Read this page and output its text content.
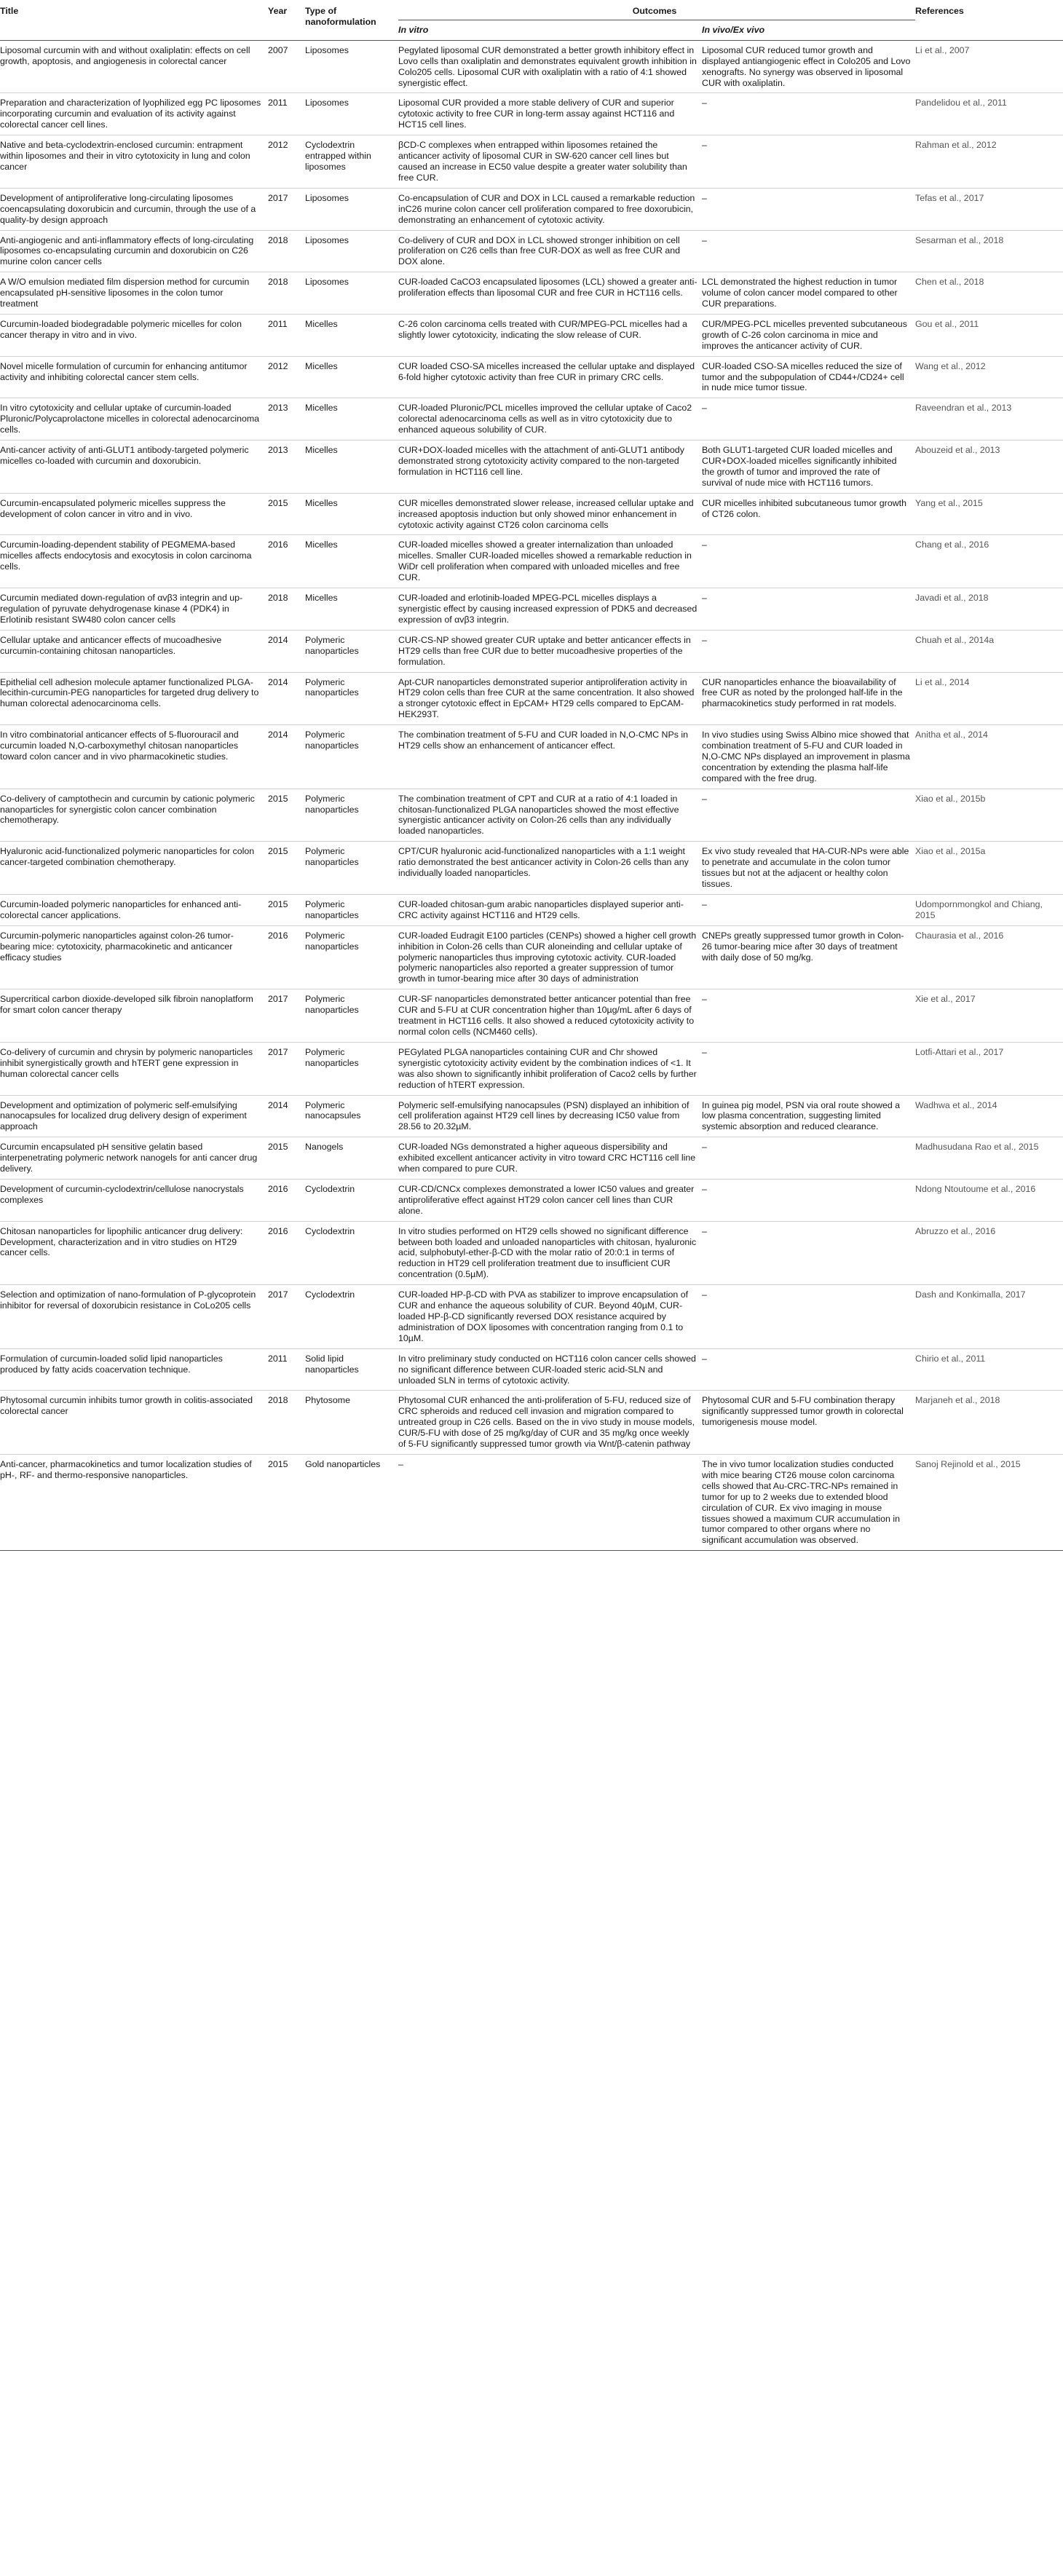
Title	Year	Type of nanoformulation	Outcomes		References
			In vitro	In vivo/Ex vivo	
Liposomal curcumin with and without oxaliplatin: effects on cell growth, apoptosis, and angiogenesis in colorectal cancer	2007	Liposomes	Pegylated liposomal CUR demonstrated a better growth inhibitory effect in Lovo cells than oxaliplatin and demonstrates equivalent growth inhibition in Colo205 cells. Liposomal CUR with oxaliplatin with a ratio of 4:1 showed synergistic effect.	Liposomal CUR reduced tumor growth and displayed antiangiogenic effect in Colo205 and Lovo xenografts. No synergy was observed in liposomal CUR with oxaliplatin.	Li et al., 2007
Preparation and characterization of lyophilized egg PC liposomes incorporating curcumin and evaluation of its activity against colorectal cancer cell lines.	2011	Liposomes	Liposomal CUR provided a more stable delivery of CUR and superior cytotoxic activity to free CUR in long-term assay against HCT116 and HCT15 cell lines.	–	Pandelidou et al., 2011
Native and beta-cyclodextrin-enclosed curcumin: entrapment within liposomes and their in vitro cytotoxicity in lung and colon cancer	2012	Cyclodextrin entrapped within liposomes	βCD-C complexes when entrapped within liposomes retained the anticancer activity of liposomal CUR in SW-620 cancer cell lines but caused an increase in EC50 value despite a greater water solubility than free CUR.	–	Rahman et al., 2012
Development of antiproliferative long-circulating liposomes coencapsulating doxorubicin and curcumin, through the use of a quality-by design approach	2017	Liposomes	Co-encapsulation of CUR and DOX in LCL caused a remarkable reduction inC26 murine colon cancer cell proliferation compared to free doxorubicin, demonstrating an enhancement of cytotoxic activity.	–	Tefas et al., 2017
Anti-angiogenic and anti-inflammatory effects of long-circulating liposomes co-encapsulating curcumin and doxorubicin on C26 murine colon cancer cells	2018	Liposomes	Co-delivery of CUR and DOX in LCL showed stronger inhibition on cell proliferation on C26 cells than free CUR-DOX as well as free CUR and DOX alone.	–	Sesarman et al., 2018
A W/O emulsion mediated film dispersion method for curcumin encapsulated pH-sensitive liposomes in the colon tumor treatment	2018	Liposomes	CUR-loaded CaCO3 encapsulated liposomes (LCL) showed a greater anti-proliferation effects than liposomal CUR and free CUR in HCT116 cells.	LCL demonstrated the highest reduction in tumor volume of colon cancer model compared to other CUR preparations.	Chen et al., 2018
Curcumin-loaded biodegradable polymeric micelles for colon cancer therapy in vitro and in vivo.	2011	Micelles	C-26 colon carcinoma cells treated with CUR/MPEG-PCL micelles had a slightly lower cytotoxicity, indicating the slow release of CUR.	CUR/MPEG-PCL micelles prevented subcutaneous growth of C-26 colon carcinoma in mice and improves the anticancer activity of CUR.	Gou et al., 2011
Novel micelle formulation of curcumin for enhancing antitumor activity and inhibiting colorectal cancer stem cells.	2012	Micelles	CUR loaded CSO-SA micelles increased the cellular uptake and displayed 6-fold higher cytotoxic activity than free CUR in primary CRC cells.	CUR-loaded CSO-SA micelles reduced the size of tumor and the subpopulation of CD44+/CD24+ cell in nude mice tumor tissue.	Wang et al., 2012
In vitro cytotoxicity and cellular uptake of curcumin-loaded Pluronic/Polycaprolactone micelles in colorectal adenocarcinoma cells.	2013	Micelles	CUR-loaded Pluronic/PCL micelles improved the cellular uptake of Caco2 colorectal adenocarcinoma cells as well as in vitro cytotoxicity due to enhanced aqueous solubility of CUR.	–	Raveendran et al., 2013
Anti-cancer activity of anti-GLUT1 antibody-targeted polymeric micelles co-loaded with curcumin and doxorubicin.	2013	Micelles	CUR+DOX-loaded micelles with the attachment of anti-GLUT1 antibody demonstrated strong cytotoxicity activity compared to the non-targeted formulation in HCT116 cell line.	Both GLUT1-targeted CUR loaded micelles and CUR+DOX-loaded micelles significantly inhibited the growth of tumor and improved the rate of survival of nude mice with HCT116 tumors.	Abouzeid et al., 2013
Curcumin-encapsulated polymeric micelles suppress the development of colon cancer in vitro and in vivo.	2015	Micelles	CUR micelles demonstrated slower release, increased cellular uptake and increased apoptosis induction but only showed minor enhancement in cytotoxic activity against CT26 colon carcinoma cells	CUR micelles inhibited subcutaneous tumor growth of CT26 colon.	Yang et al., 2015
Curcumin-loading-dependent stability of PEGMEMA-based micelles affects endocytosis and exocytosis in colon carcinoma cells.	2016	Micelles	CUR-loaded micelles showed a greater internalization than unloaded micelles. Smaller CUR-loaded micelles showed a remarkable reduction in WiDr cell proliferation when compared with unloaded micelles and free CUR.	–	Chang et al., 2016
Curcumin mediated down-regulation of αvβ3 integrin and up-regulation of pyruvate dehydrogenase kinase 4 (PDK4) in Erlotinib resistant SW480 colon cancer cells	2018	Micelles	CUR-loaded and erlotinib-loaded MPEG-PCL micelles displays a synergistic effect by causing increased expression of PDK5 and decreased expression of αvβ3 integrin.	–	Javadi et al., 2018
Cellular uptake and anticancer effects of mucoadhesive curcumin-containing chitosan nanoparticles.	2014	Polymeric nanoparticles	CUR-CS-NP showed greater CUR uptake and better anticancer effects in HT29 cells than free CUR due to better mucoadhesive properties of the formulation.	–	Chuah et al., 2014a
Epithelial cell adhesion molecule aptamer functionalized PLGA-lecithin-curcumin-PEG nanoparticles for targeted drug delivery to human colorectal adenocarcinoma cells.	2014	Polymeric nanoparticles	Apt-CUR nanoparticles demonstrated superior antiproliferation activity in HT29 colon cells than free CUR at the same concentration. It also showed a stronger cytotoxic effect in EpCAM+ HT29 cells compared to EpCAM- HEK293T.	CUR nanoparticles enhance the bioavailability of free CUR as noted by the prolonged half-life in the pharmacokinetics study performed in rat models.	Li et al., 2014
In vitro combinatorial anticancer effects of 5-fluorouracil and curcumin loaded N,O-carboxymethyl chitosan nanoparticles toward colon cancer and in vivo pharmacokinetic studies.	2014	Polymeric nanoparticles	The combination treatment of 5-FU and CUR loaded in N,O-CMC NPs in HT29 cells show an enhancement of anticancer effect.	In vivo studies using Swiss Albino mice showed that combination treatment of 5-FU and CUR loaded in N,O-CMC NPs displayed an improvement in plasma concentration by extending the plasma half-life compared with the free drug.	Anitha et al., 2014
Co-delivery of camptothecin and curcumin by cationic polymeric nanoparticles for synergistic colon cancer combination chemotherapy.	2015	Polymeric nanoparticles	The combination treatment of CPT and CUR at a ratio of 4:1 loaded in chitosan-functionalized PLGA nanoparticles showed the most effective synergistic anticancer activity on Colon-26 cells than any individually loaded nanoparticles.	–	Xiao et al., 2015b
Hyaluronic acid-functionalized polymeric nanoparticles for colon cancer-targeted combination chemotherapy.	2015	Polymeric nanoparticles	CPT/CUR hyaluronic acid-functionalized nanoparticles with a 1:1 weight ratio demonstrated the best anticancer activity in Colon-26 cells than any individually loaded nanoparticles.	Ex vivo study revealed that HA-CUR-NPs were able to penetrate and accumulate in the colon tumor tissues but not at the adjacent or healthy colon tissues.	Xiao et al., 2015a
Curcumin-loaded polymeric nanoparticles for enhanced anti-colorectal cancer applications.	2015	Polymeric nanoparticles	CUR-loaded chitosan-gum arabic nanoparticles displayed superior anti-CRC activity against HCT116 and HT29 cells.	–	Udompornmongkol and Chiang, 2015
Curcumin-polymeric nanoparticles against colon-26 tumor-bearing mice: cytotoxicity, pharmacokinetic and anticancer efficacy studies	2016	Polymeric nanoparticles	CUR-loaded Eudragit E100 particles (CENPs) showed a higher cell growth inhibition in Colon-26 cells than CUR aloneinding and cellular uptake of polymeric nanoparticles thus improving cytotoxic activity. CUR-loaded polymeric nanoparticles also reported a greater suppression of tumor growth in tumor-bearing mice after 30 days of administration	CNEPs greatly suppressed tumor growth in Colon-26 tumor-bearing mice after 30 days of treatment with daily dose of 50 mg/kg.	Chaurasia et al., 2016
Supercritical carbon dioxide-developed silk fibroin nanoplatform for smart colon cancer therapy	2017	Polymeric nanoparticles	CUR-SF nanoparticles demonstrated better anticancer potential than free CUR and 5-FU at CUR concentration higher than 10µg/mL after 6 days of treatment in HCT116 cells. It also showed a reduced cytotoxicity activity to normal colon cells (NCM460 cells).	–	Xie et al., 2017
Co-delivery of curcumin and chrysin by polymeric nanoparticles inhibit synergistically growth and hTERT gene expression in human colorectal cancer cells	2017	Polymeric nanoparticles	PEGylated PLGA nanoparticles containing CUR and Chr showed synergistic cytotoxicity activity evident by the combination indices of <1. It was also shown to significantly inhibit proliferation of Caco2 cells by further reduction of hTERT expression.	–	Lotfi-Attari et al., 2017
Development and optimization of polymeric self-emulsifying nanocapsules for localized drug delivery design of experiment approach	2014	Polymeric nanocapsules	Polymeric self-emulsifying nanocapsules (PSN) displayed an inhibition of cell proliferation against HT29 cell lines by decreasing IC50 value from 28.56 to 20.32µM.	In guinea pig model, PSN via oral route showed a low plasma concentration, suggesting limited systemic absorption and reduced clearance.	Wadhwa et al., 2014
Curcumin encapsulated pH sensitive gelatin based interpenetrating polymeric network nanogels for anti cancer drug delivery.	2015	Nanogels	CUR-loaded NGs demonstrated a higher aqueous dispersibility and exhibited excellent anticancer activity in vitro toward CRC HCT116 cell line when compared to pure CUR.	–	Madhusudana Rao et al., 2015
Development of curcumin-cyclodextrin/cellulose nanocrystals complexes	2016	Cyclodextrin	CUR-CD/CNCx complexes demonstrated a lower IC50 values and greater antiproliferative effect against HT29 colon cancer cell lines than CUR alone.	–	Ndong Ntoutoume et al., 2016
Chitosan nanoparticles for lipophilic anticancer drug delivery: Development, characterization and in vitro studies on HT29 cancer cells.	2016	Cyclodextrin	In vitro studies performed on HT29 cells showed no significant difference between both loaded and unloaded nanoparticles with chitosan, hyaluronic acid, sulphobutyl-ether-β-CD with the molar ratio of 20:0:1 in terms of reduction in HT29 cell proliferation treatment due to insufficient CUR concentration (0.5µM).	–	Abruzzo et al., 2016
Selection and optimization of nano-formulation of P-glycoprotein inhibitor for reversal of doxorubicin resistance in CoLo205 cells	2017	Cyclodextrin	CUR-loaded HP-β-CD with PVA as stabilizer to improve encapsulation of CUR and enhance the aqueous solubility of CUR. Beyond 40µM, CUR-loaded HP-β-CD significantly reversed DOX resistance acquired by administration of DOX liposomes with concentration ranging from 0.1 to 10µM.	–	Dash and Konkimalla, 2017
Formulation of curcumin-loaded solid lipid nanoparticles produced by fatty acids coacervation technique.	2011	Solid lipid nanoparticles	In vitro preliminary study conducted on HCT116 colon cancer cells showed no significant difference between CUR-loaded steric acid-SLN and unloaded SLN in terms of cytotoxic activity.	–	Chirio et al., 2011
Phytosomal curcumin inhibits tumor growth in colitis-associated colorectal cancer	2018	Phytosome	Phytosomal CUR enhanced the anti-proliferation of 5-FU, reduced size of CRC spheroids and reduced cell invasion and migration compared to untreated group in C26 cells. Based on the in vivo study in mouse models, CUR/5-FU with dose of 25 mg/kg/day of CUR and 35 mg/kg once weekly of 5-FU significantly suppressed tumor growth via Wnt/β-catenin pathway	Phytosomal CUR and 5-FU combination therapy significantly suppressed tumor growth in colorectal tumorigenesis mouse model.	Marjaneh et al., 2018
Anti-cancer, pharmacokinetics and tumor localization studies of pH-, RF- and thermo-responsive nanoparticles.	2015	Gold nanoparticles	–	The in vivo tumor localization studies conducted with mice bearing CT26 mouse colon carcinoma cells showed that Au-CRC-TRC-NPs remained in tumor for up to 2 weeks due to extended blood circulation of CUR. Ex vivo imaging in mouse tissues showed a maximum CUR accumulation in tumor compared to other organs where no significant accumulation was observed.	Sanoj Rejinold et al., 2015
